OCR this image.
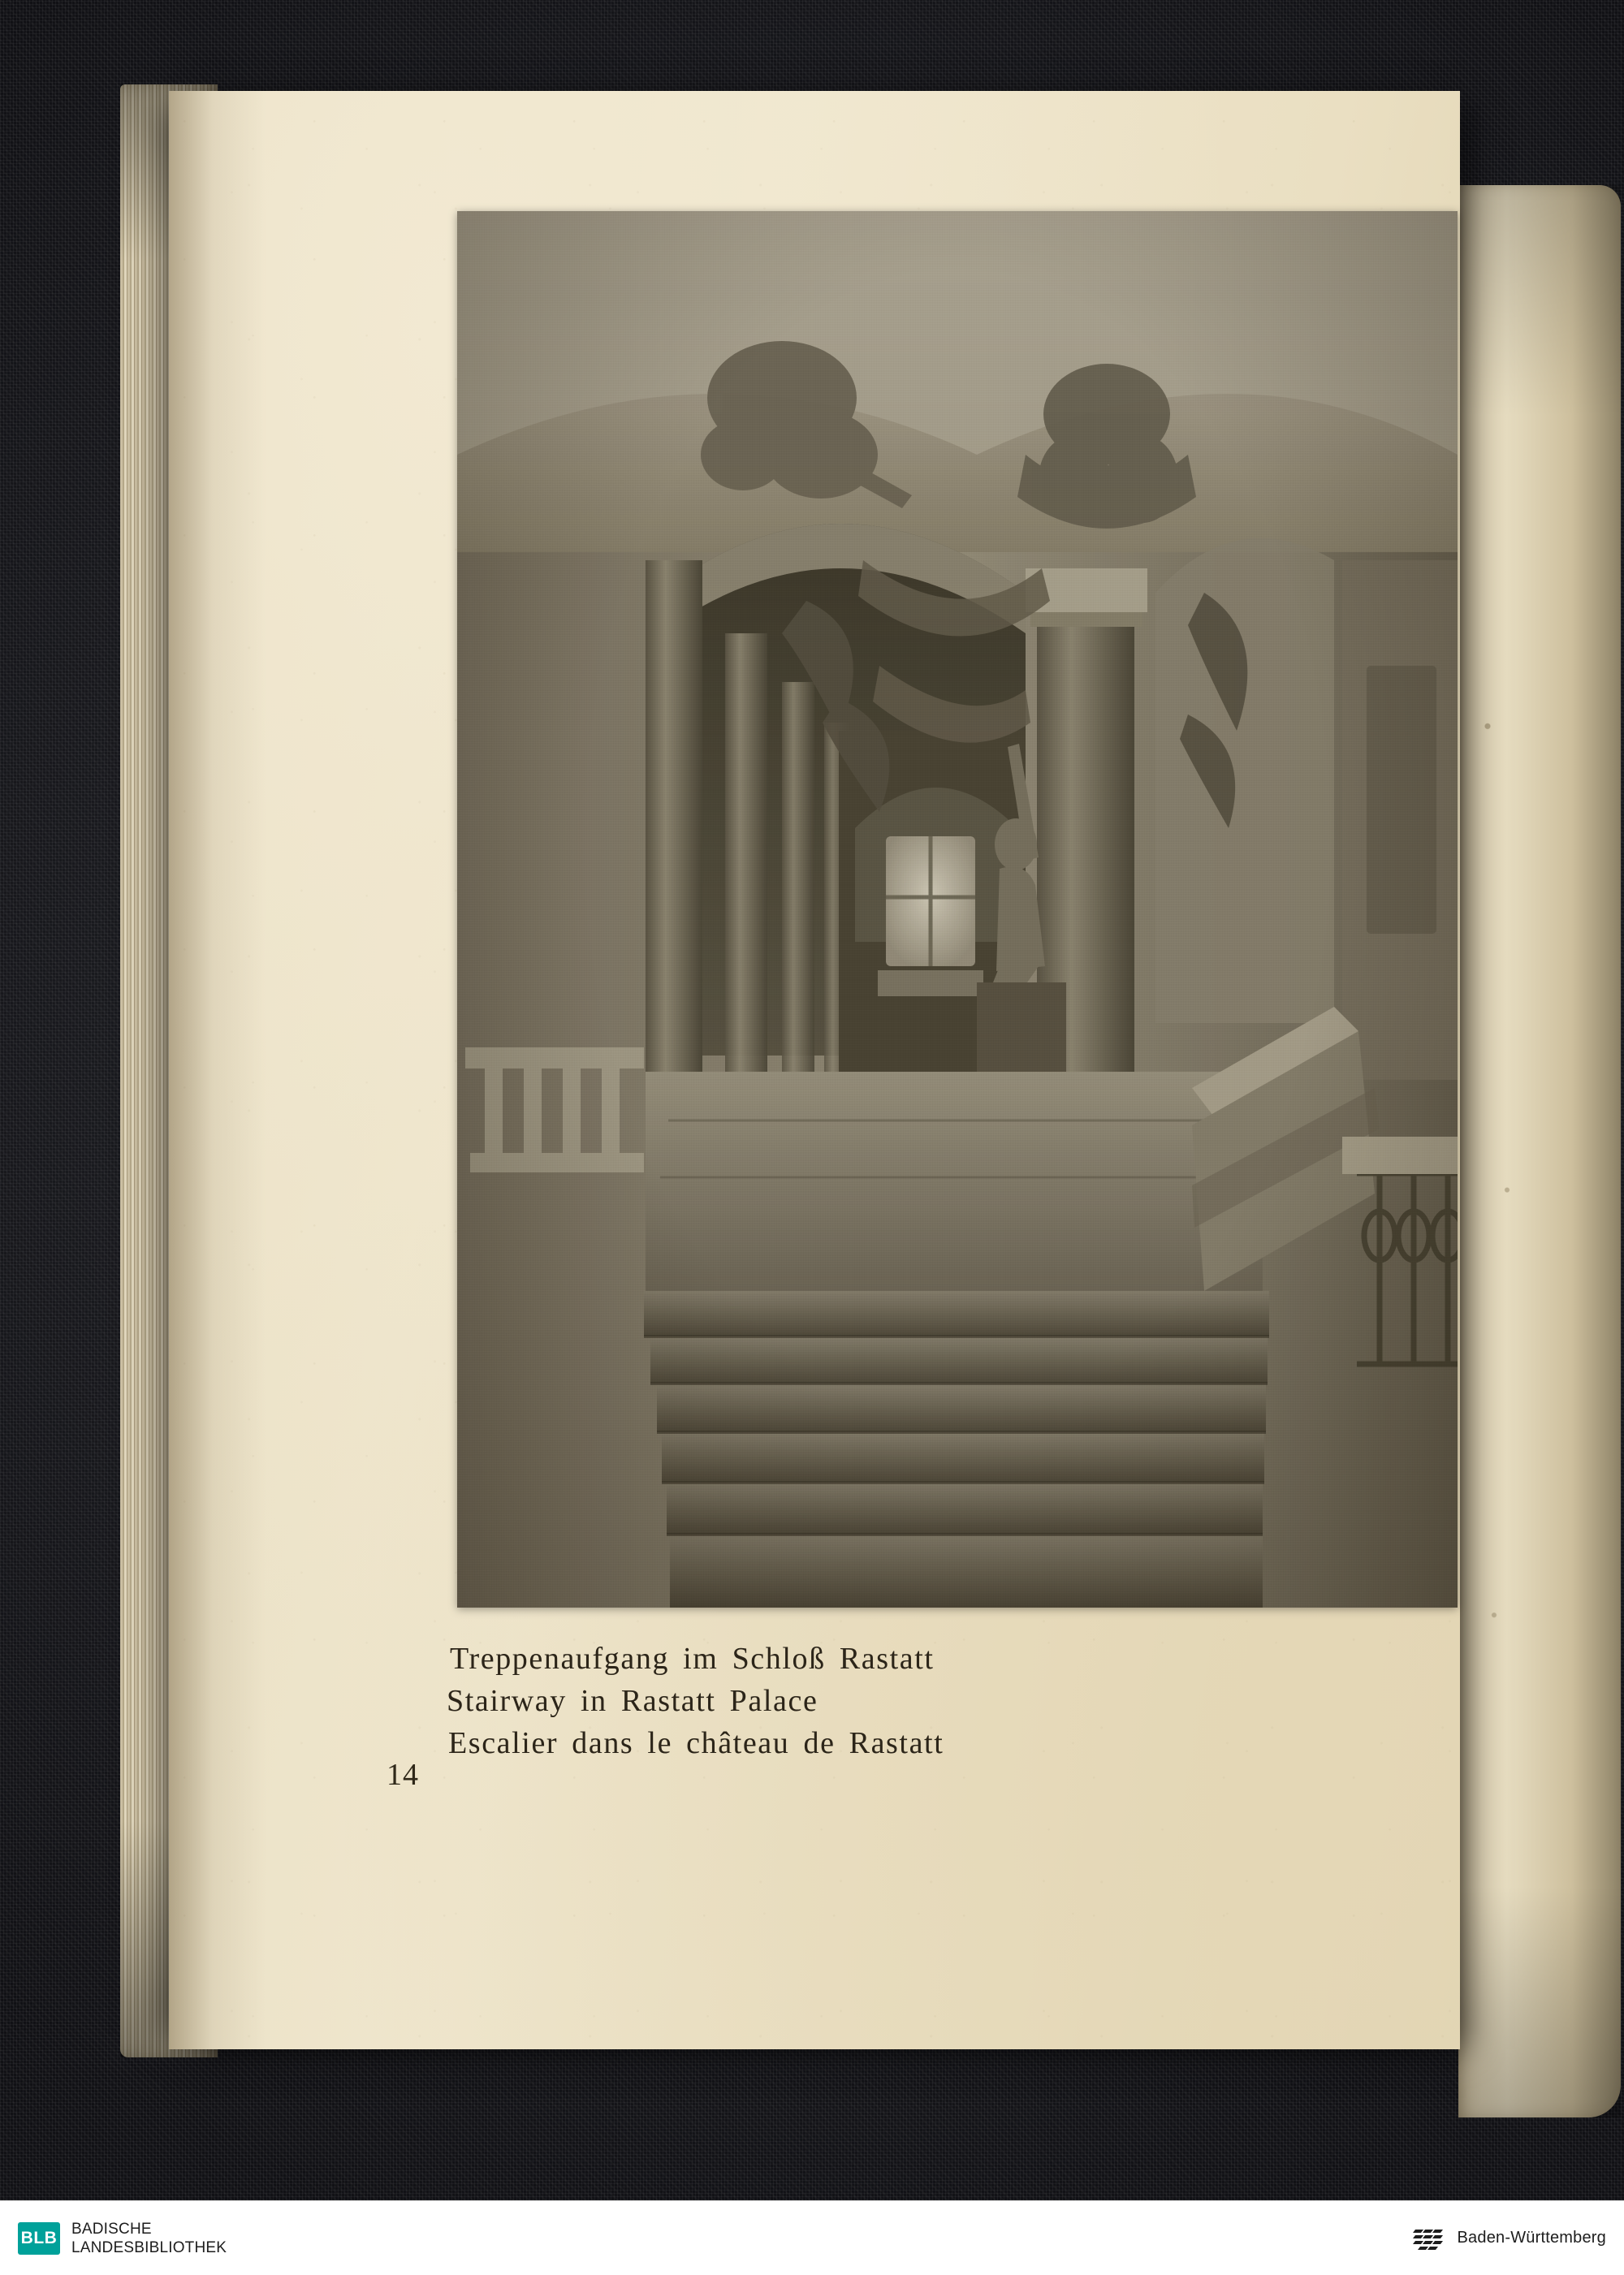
Treppenaufgang im Schloß Rastatt
Stairway in Rastatt Palace
Escalier dans le château de Rastatt
14
BLB BADISCHE
LANDESBIBLIOTHEK
Baden-Württemberg
